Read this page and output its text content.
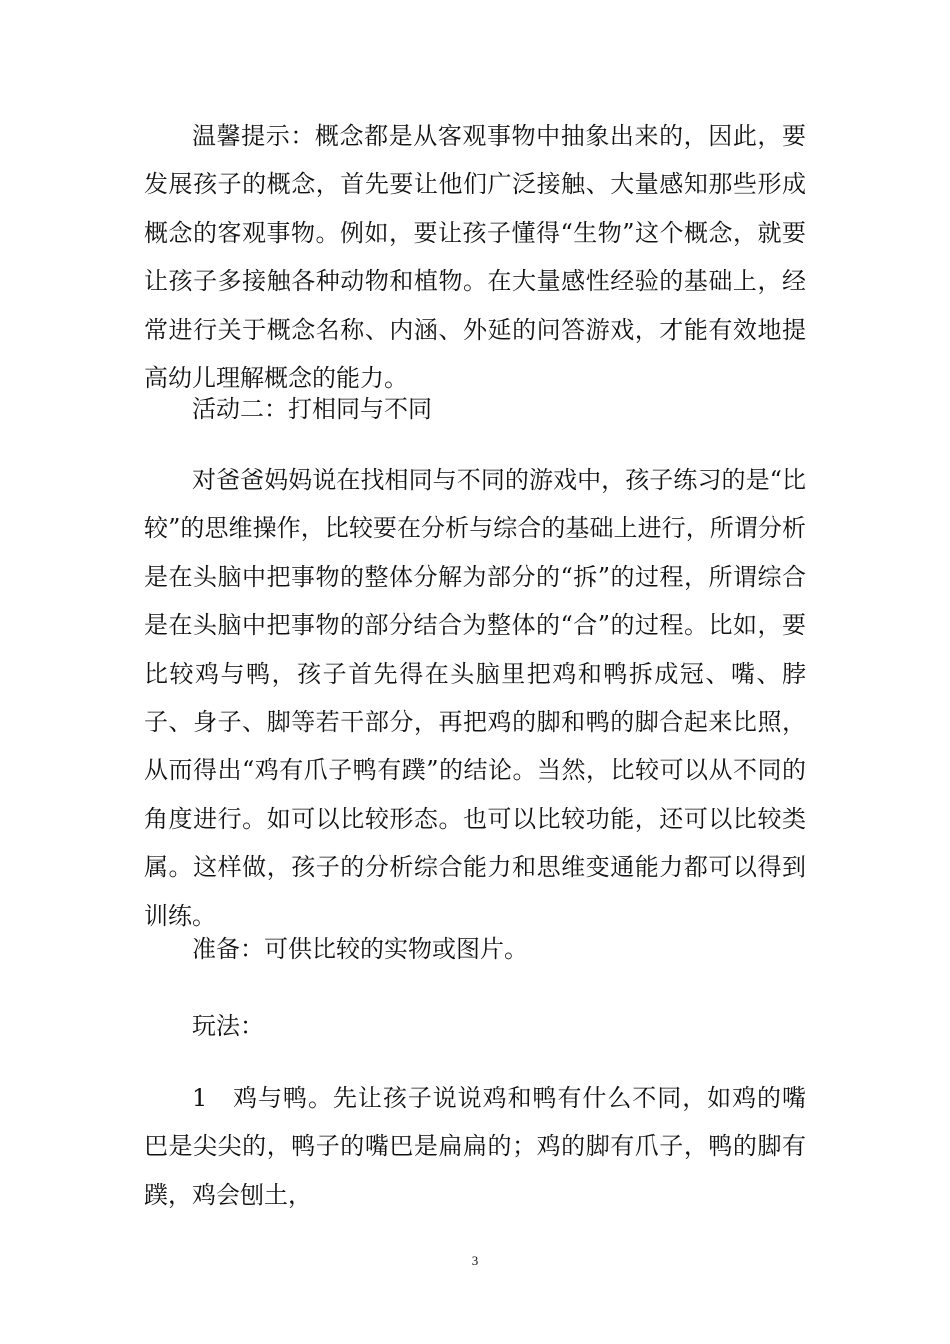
温馨提示：概念都是从客观事物中抽象出来的，因此，要发展孩子的概念，首先要让他们广泛接触、大量感知那些形成概念的客观事物。例如，要让孩子懂得“生物”这个概念，就要让孩子多接触各种动物和植物。在大量感性经验的基础上，经常进行关于概念名称、内涵、外延的问答游戏，才能有效地提高幼儿理解概念的能力。

活动二：打相同与不同

对爸爸妈妈说在找相同与不同的游戏中，孩子练习的是“比较”的思维操作，比较要在分析与综合的基础上进行，所谓分析是在头脑中把事物的整体分解为部分的“拆”的过程，所谓综合是在头脑中把事物的部分结合为整体的“合”的过程。比如，要比较鸡与鸭，孩子首先得在头脑里把鸡和鸭拆成冠、嘴、脖子、身子、脚等若干部分，再把鸡的脚和鸭的脚合起来比照，从而得出“鸡有爪子鸭有蹼”的结论。当然，比较可以从不同的角度进行。如可以比较形态。也可以比较功能，还可以比较类属。这样做，孩子的分析综合能力和思维变通能力都可以得到训练。

准备：可供比较的实物或图片。

玩法：

1　鸡与鸭。先让孩子说说鸡和鸭有什么不同，如鸡的嘴巴是尖尖的，鸭子的嘴巴是扁扁的；鸡的脚有爪子，鸭的脚有蹼，鸡会刨土，

3
